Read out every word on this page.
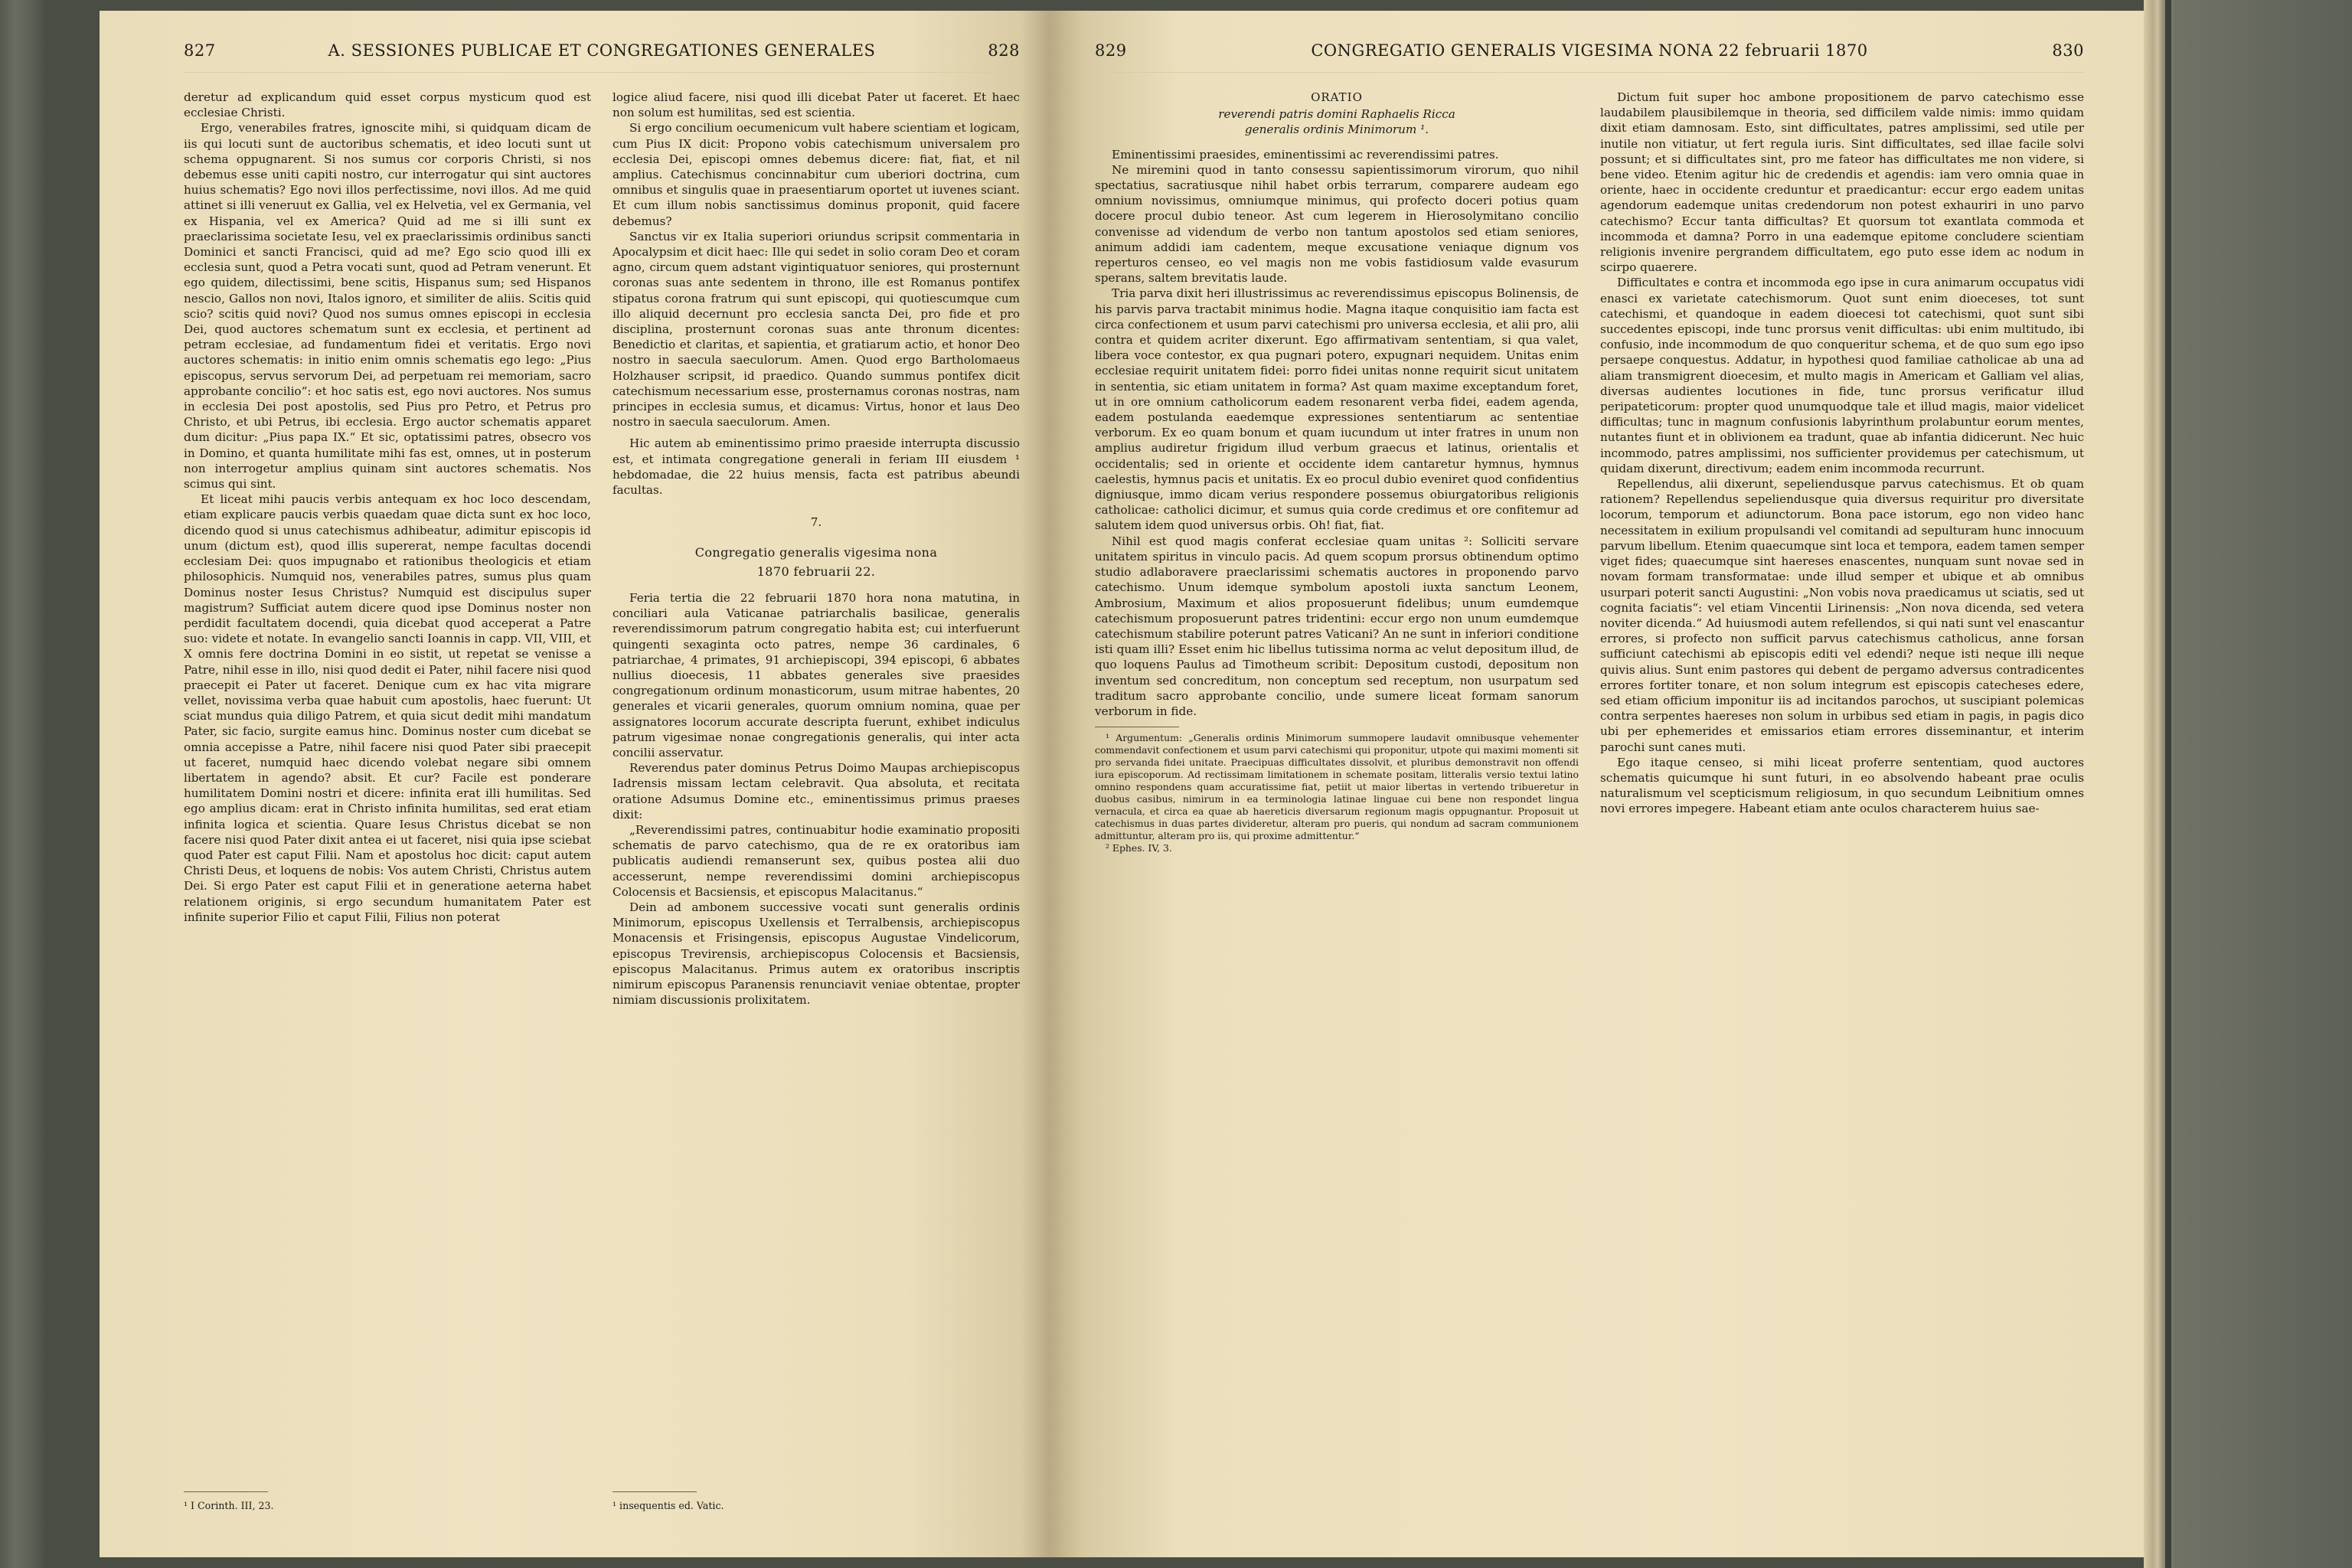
827	A. SESSIONES PUBLICAE ET CONGREGATIONES GENERALES	828

deretur ad explicandum quid esset corpus mysticum quod est ecclesiae Christi.

Ergo, venerabiles fratres, ignoscite mihi, si quidquam dicam de iis qui locuti sunt de auctoribus schematis, et ideo locuti sunt ut schema oppugnarent. Si nos sumus cor corporis Christi, si nos debemus esse uniti capiti nostro, cur interrogatur qui sint auctores huius schematis? Ego novi illos perfectissime, novi illos. Ad me quid attinet si illi veneruut ex Gallia, vel ex Helvetia, vel ex Germania, vel ex Hispania, vel ex America? Quid ad me si illi sunt ex praeclarissima societate Iesu, vel ex praeclarissimis ordinibus sancti Dominici et sancti Francisci, quid ad me? Ego scio quod illi ex ecclesia sunt, quod a Petra vocati sunt, quod ad Petram venerunt. Et ego quidem, dilectissimi, bene scitis, Hispanus sum; sed Hispanos nescio, Gallos non novi, Italos ignoro, et similiter de aliis. Scitis quid scio? scitis quid novi? Quod nos sumus omnes episcopi in ecclesia Dei, quod auctores schematum sunt ex ecclesia, et pertinent ad petram ecclesiae, ad fundamentum fidei et veritatis. Ergo novi auctores schematis: in initio enim omnis schematis ego lego: „Pius episcopus, servus servorum Dei, ad perpetuam rei memoriam, sacro approbante concilio“: et hoc satis est, ego novi auctores. Nos sumus in ecclesia Dei post apostolis, sed Pius pro Petro, et Petrus pro Christo, et ubi Petrus, ibi ecclesia. Ergo auctor schematis apparet dum dicitur: „Pius papa IX.“ Et sic, optatissimi patres, obsecro vos in Domino, et quanta humilitate mihi fas est, omnes, ut in posterum non interrogetur amplius quinam sint auctores schematis. Nos scimus qui sint.

Et liceat mihi paucis verbis antequam ex hoc loco descendam, etiam explicare paucis verbis quaedam quae dicta sunt ex hoc loco, dicendo quod si unus catechismus adhibeatur, adimitur episcopis id unum (dictum est), quod illis supererat, nempe facultas docendi ecclesiam Dei: quos impugnabo et rationibus theologicis et etiam philosophicis. Numquid nos, venerabiles patres, sumus plus quam Dominus noster Iesus Christus? Numquid est discipulus super magistrum? Sufficiat autem dicere quod ipse Dominus noster non perdidit facultatem docendi, quia dicebat quod acceperat a Patre suo: videte et notate. In evangelio sancti Ioannis in capp. VII, VIII, et X omnis fere doctrina Domini in eo sistit, ut repetat se venisse a Patre, nihil esse in illo, nisi quod dedit ei Pater, nihil facere nisi quod praecepit ei Pater ut faceret. Denique cum ex hac vita migrare vellet, novissima verba quae habuit cum apostolis, haec fuerunt: Ut sciat mundus quia diligo Patrem, et quia sicut dedit mihi mandatum Pater, sic facio, surgite eamus hinc. Dominus noster cum dicebat se omnia accepisse a Patre, nihil facere nisi quod Pater sibi praecepit ut faceret, numquid haec dicendo volebat negare sibi omnem libertatem in agendo? absit. Et cur? Facile est ponderare humilitatem Domini nostri et dicere: infinita erat illi humilitas. Sed ego amplius dicam: erat in Christo infinita humilitas, sed erat etiam infinita logica et scientia. Quare Iesus Christus dicebat se non facere nisi quod Pater dixit antea ei ut faceret, nisi quia ipse sciebat quod Pater est caput Filii. Nam et apostolus hoc dicit: caput autem Christi Deus, et loquens de nobis: Vos autem Christi, Christus autem Dei. Si ergo Pater est caput Filii et in generatione aeterna habet relationem originis, si ergo secundum humanitatem Pater est infinite superior Filio et caput Filii, Filius non poterat

¹ I Corinth. III, 23.

logice aliud facere, nisi quod illi dicebat Pater ut faceret. Et haec non solum est humilitas, sed est scientia.

Si ergo concilium oecumenicum vult habere scientiam et logicam, cum Pius IX dicit: Propono vobis catechismum universalem pro ecclesia Dei, episcopi omnes debemus dicere: fiat, fiat, et nil amplius. Catechismus concinnabitur cum uberiori doctrina, cum omnibus et singulis quae in praesentiarum oportet ut iuvenes sciant. Et cum illum nobis sanctissimus dominus proponit, quid facere debemus?

Sanctus vir ex Italia superiori oriundus scripsit commentaria in Apocalypsim et dicit haec: Ille qui sedet in solio coram Deo et coram agno, circum quem adstant vigintiquatuor seniores, qui prosternunt coronas suas ante sedentem in throno, ille est Romanus pontifex stipatus corona fratrum qui sunt episcopi, qui quotiescumque cum illo aliquid decernunt pro ecclesia sancta Dei, pro fide et pro disciplina, prosternunt coronas suas ante thronum dicentes: Benedictio et claritas, et sapientia, et gratiarum actio, et honor Deo nostro in saecula saeculorum. Amen. Quod ergo Bartholomaeus Holzhauser scripsit, id praedico. Quando summus pontifex dicit catechismum necessarium esse, prosternamus coronas nostras, nam principes in ecclesia sumus, et dicamus: Virtus, honor et laus Deo nostro in saecula saeculorum. Amen.

Hic autem ab eminentissimo primo praeside interrupta discussio est, et intimata congregatione generali in feriam III eiusdem ¹ hebdomadae, die 22 huius mensis, facta est patribus abeundi facultas.

7.
Congregatio generalis vigesima nona
1870 februarii 22.

Feria tertia die 22 februarii 1870 hora nona matutina, in conciliari aula Vaticanae patriarchalis basilicae, generalis reverendissimorum patrum congregatio habita est; cui interfuerunt quingenti sexaginta octo patres, nempe 36 cardinales, 6 patriarchae, 4 primates, 91 archiepiscopi, 394 episcopi, 6 abbates nullius dioecesis, 11 abbates generales sive praesides congregationum ordinum monasticorum, usum mitrae habentes, 20 generales et vicarii generales, quorum omnium nomina, quae per assignatores locorum accurate descripta fuerunt, exhibet indiculus patrum vigesimae nonae congregationis generalis, qui inter acta concilii asservatur.

Reverendus pater dominus Petrus Doimo Maupas archiepiscopus Iadrensis missam lectam celebravit. Qua absoluta, et recitata oratione Adsumus Domine etc., eminentissimus primus praeses dixit:

„Reverendissimi patres, continuabitur hodie examinatio propositi schematis de parvo catechismo, qua de re ex oratoribus iam publicatis audiendi remanserunt sex, quibus postea alii duo accesserunt, nempe reverendissimi domini archiepiscopus Colocensis et Bacsiensis, et episcopus Malacitanus.“

Dein ad ambonem successive vocati sunt generalis ordinis Minimorum, episcopus Uxellensis et Terralbensis, archiepiscopus Monacensis et Frisingensis, episcopus Augustae Vindelicorum, episcopus Trevirensis, archiepiscopus Colocensis et Bacsiensis, episcopus Malacitanus. Primus autem ex oratoribus inscriptis nimirum episcopus Paranensis renunciavit veniae obtentae, propter nimiam discussionis prolixitatem.

¹ insequentis ed. Vatic.
829	CONGREGATIO GENERALIS VIGESIMA NONA 22 februarii 1870	830
ORATIO
reverendi patris domini Raphaelis Ricca
generalis ordinis Minimorum ¹.

Eminentissimi praesides, eminentissimi ac reverendissimi patres.

Ne miremini quod in tanto consessu sapientissimorum virorum, quo nihil spectatius, sacratiusque nihil habet orbis terrarum, comparere audeam ego omnium novissimus, omniumque minimus, qui profecto doceri potius quam docere procul dubio teneor. Ast cum legerem in Hierosolymitano concilio convenisse ad videndum de verbo non tantum apostolos sed etiam seniores, animum addidi iam cadentem, meque excusatione veniaque dignum vos reperturos censeo, eo vel magis non me vobis fastidiosum valde evasurum sperans, saltem brevitatis laude.

Tria parva dixit heri illustrissimus ac reverendissimus episcopus Bolinensis, de his parvis parva tractabit minimus hodie. Magna itaque conquisitio iam facta est circa confectionem et usum parvi catechismi pro universa ecclesia, et alii pro, alii contra et quidem acriter dixerunt. Ego affirmativam sententiam, si qua valet, libera voce contestor, ex qua pugnari potero, expugnari nequidem. Unitas enim ecclesiae requirit unitatem fidei: porro fidei unitas nonne requirit sicut unitatem in sententia, sic etiam unitatem in forma? Ast quam maxime exceptandum foret, ut in ore omnium catholicorum eadem resonarent verba fidei, eadem agenda, eadem postulanda eaedemque expressiones sententiarum ac sententiae verborum. Ex eo quam bonum et quam iucundum ut inter fratres in unum non amplius audiretur frigidum illud verbum graecus et latinus, orientalis et occidentalis; sed in oriente et occidente idem cantaretur hymnus, hymnus caelestis, hymnus pacis et unitatis. Ex eo procul dubio eveniret quod confidentius digniusque, immo dicam verius responderе possemus obiurgatoribus religionis catholicae: catholici dicimur, et sumus quia corde credimus et ore confitemur ad salutem idem quod universus orbis. Oh! fiat, fiat.

Nihil est quod magis conferat ecclesiae quam unitas ²: Solliciti servare unitatem spiritus in vinculo pacis. Ad quem scopum prorsus obtinendum optimo studio adlaboravere praeclarissimi schematis auctores in proponendo parvo catechismo. Unum idemque symbolum apostoli iuxta sanctum Leonem, Ambrosium, Maximum et alios proposuerunt fidelibus; unum eumdemque catechismum proposuerunt patres tridentini: eccur ergo non unum eumdemque catechismum stabilire poterunt patres Vaticani? An ne sunt in inferiori conditione isti quam illi? Esset enim hic libellus tutissima norma ac velut depositum illud, de quo loquens Paulus ad Timotheum scribit: Depositum custodi, depositum non inventum sed concreditum, non conceptum sed receptum, non usurpatum sed traditum sacro approbante concilio, unde sumere liceat formam sanorum verborum in fide.

¹ Argumentum: „Generalis ordinis Minimorum summopere laudavit omnibusque vehementer commendavit confectionem et usum parvi catechismi qui proponitur, utpote qui maximi momenti sit pro servanda fidei unitate. Praecipuas difficultates dissolvit, et pluribus demonstravit non offendi iura episcoporum. Ad rectissimam limitationem in schemate positam, litteralis versio textui latino omnino respondens quam accuratissime fiat, petiit ut maior libertas in vertendo tribueretur in duobus casibus, nimirum in ea terminologia latinae linguae cui bene non respondet lingua vernacula, et circa ea quae ab haereticis diversarum regionum magis oppugnantur. Proposuit ut catechismus in duas partes divideretur, alteram pro pueris, qui nondum ad sacram communionem admittuntur, alteram pro iis, qui proxime admittentur.“

² Ephes. IV, 3.

Dictum fuit super hoc ambone propositionem de parvo catechismo esse laudabilem plausibilemque in theoria, sed difficilem valde nimis: immo quidam dixit etiam damnosam. Esto, sint difficultates, patres amplissimi, sed utile per inutile non vitiatur, ut fert regula iuris. Sint difficultates, sed illae facile solvi possunt; et si difficultates sint, pro me fateor has difficultates me non videre, si bene video. Etenim agitur hic de credendis et agendis: iam vero omnia quae in oriente, haec in occidente creduntur et praedicantur: eccur ergo eadem unitas agendorum eademque unitas credendorum non potest exhauriri in uno parvo catechismo? Eccur tanta difficultas? Et quorsum tot exantlata commoda et incommoda et damna? Porro in una eademque epitome concludere scientiam religionis invenire pergrandem difficultatem, ego puto esse idem ac nodum in scirpo quaerere.

Difficultates e contra et incommoda ego ipse in cura animarum occupatus vidi enasci ex varietate catechismorum. Quot sunt enim dioeceses, tot sunt catechismi, et quandoque in eadem dioecesi tot catechismi, quot sunt sibi succedentes episcopi, inde tunc prorsus venit difficultas: ubi enim multitudo, ibi confusio, inde incommodum de quo conqueritur schema, et de quo sum ego ipso persaepe conquestus. Addatur, in hypothesi quod familiae catholicae ab una ad aliam transmigrent dioecesim, et multo magis in Americam et Galliam vel alias, diversas audientes locutiones in fide, tunc prorsus verificatur illud peripateticorum: propter quod unumquodque tale et illud magis, maior videlicet difficultas; tunc in magnum confusionis labyrinthum prolabuntur eorum mentes, nutantes fiunt et in oblivionem ea tradunt, quae ab infantia didicerunt. Nec huic incommodo, patres amplissimi, nos sufficienter providemus per catechismum, ut quidam dixerunt, directivum; eadem enim incommoda recurrunt.

Repellendus, alii dixerunt, sepeliendusque parvus catechismus. Et ob quam rationem? Repellendus sepeliendusque quia diversus requiritur pro diversitate locorum, temporum et adiunctorum. Bona pace istorum, ego non video hanc necessitatem in exilium propulsandi vel comitandi ad sepulturam hunc innocuum parvum libellum. Etenim quaecumque sint loca et tempora, eadem tamen semper viget fides; quaecumque sint haereses enascentes, nunquam sunt novae sed in novam formam transformatae: unde illud semper et ubique et ab omnibus usurpari poterit sancti Augustini: „Non vobis nova praedicamus ut sciatis, sed ut cognita faciatis“: vel etiam Vincentii Lirinensis: „Non nova dicenda, sed vetera noviter dicenda.“ Ad huiusmodi autem refellendos, si qui nati sunt vel enascantur errores, si profecto non sufficit parvus catechismus catholicus, anne forsan sufficiunt catechismi ab episcopis editi vel edendi? neque isti neque illi neque quivis alius. Sunt enim pastores qui debent de pergamo adversus contradicentes errores fortiter tonare, et non solum integrum est episcopis catecheses edere, sed etiam officium imponitur iis ad incitandos parochos, ut suscipiant polemicas contra serpentes haereses non solum in urbibus sed etiam in pagis, in pagis dico ubi per ephemerides et emissarios etiam errores disseminantur, et interim parochi sunt canes muti.

Ego itaque censeo, si mihi liceat proferre sententiam, quod auctores schematis quicumque hi sunt futuri, in eo absolvendo habeant prae oculis naturalismum vel scepticismum religiosum, in quo secundum Leibnitium omnes novi errores impegere. Habeant etiam ante oculos characterem huius sae-
